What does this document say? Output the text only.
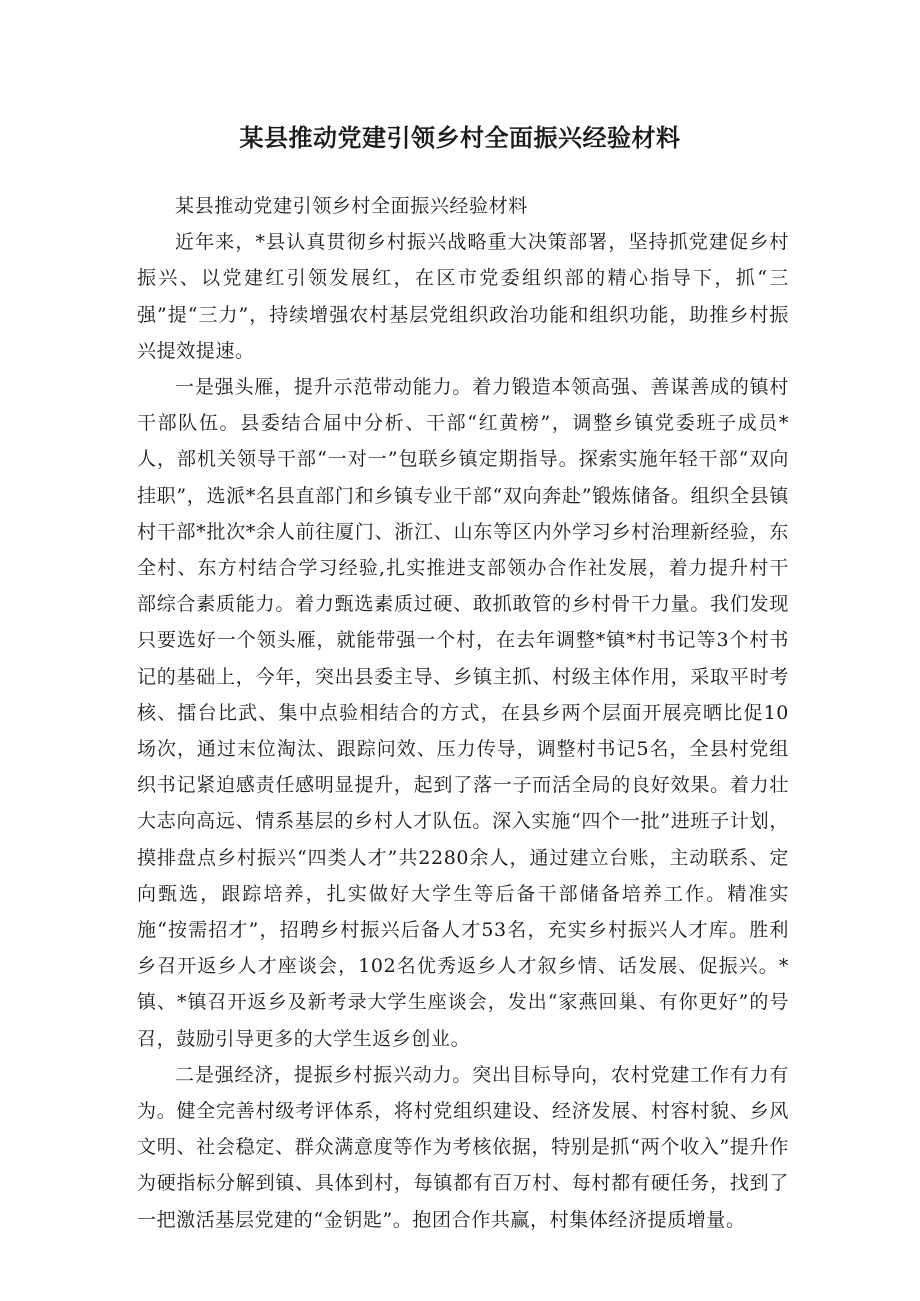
某县推动党建引领乡村全面振兴经验材料

某县推动党建引领乡村全面振兴经验材料

近年来，*县认真贯彻乡村振兴战略重大决策部署，坚持抓党建促乡村振兴、以党建红引领发展红，在区市党委组织部的精心指导下，抓“三强”提“三力”，持续增强农村基层党组织政治功能和组织功能，助推乡村振兴提效提速。

一是强头雁，提升示范带动能力。着力锻造本领高强、善谋善成的镇村干部队伍。县委结合届中分析、干部“红黄榜”，调整乡镇党委班子成员*人，部机关领导干部“一对一”包联乡镇定期指导。探索实施年轻干部“双向挂职”，选派*名县直部门和乡镇专业干部“双向奔赴”锻炼储备。组织全县镇村干部*批次*余人前往厦门、浙江、山东等区内外学习乡村治理新经验，东全村、东方村结合学习经验,扎实推进支部领办合作社发展，着力提升村干部综合素质能力。着力甄选素质过硬、敢抓敢管的乡村骨干力量。我们发现只要选好一个领头雁，就能带强一个村，在去年调整*镇*村书记等3个村书记的基础上，今年，突出县委主导、乡镇主抓、村级主体作用，采取平时考核、擂台比武、集中点验相结合的方式，在县乡两个层面开展亮晒比促10场次，通过末位淘汰、跟踪问效、压力传导，调整村书记5名，全县村党组织书记紧迫感责任感明显提升，起到了落一子而活全局的良好效果。着力壮大志向高远、情系基层的乡村人才队伍。深入实施“四个一批”进班子计划，摸排盘点乡村振兴“四类人才”共2280余人，通过建立台账，主动联系、定向甄选，跟踪培养，扎实做好大学生等后备干部储备培养工作。精准实施“按需招才”，招聘乡村振兴后备人才53名，充实乡村振兴人才库。胜利乡召开返乡人才座谈会，102名优秀返乡人才叙乡情、话发展、促振兴。*镇、*镇召开返乡及新考录大学生座谈会，发出“家燕回巢、有你更好”的号召，鼓励引导更多的大学生返乡创业。

二是强经济，提振乡村振兴动力。突出目标导向，农村党建工作有力有为。健全完善村级考评体系，将村党组织建设、经济发展、村容村貌、乡风文明、社会稳定、群众满意度等作为考核依据，特别是抓“两个收入”提升作为硬指标分解到镇、具体到村，每镇都有百万村、每村都有硬任务，找到了一把激活基层党建的“金钥匙”。抱团合作共赢，村集体经济提质增量。
